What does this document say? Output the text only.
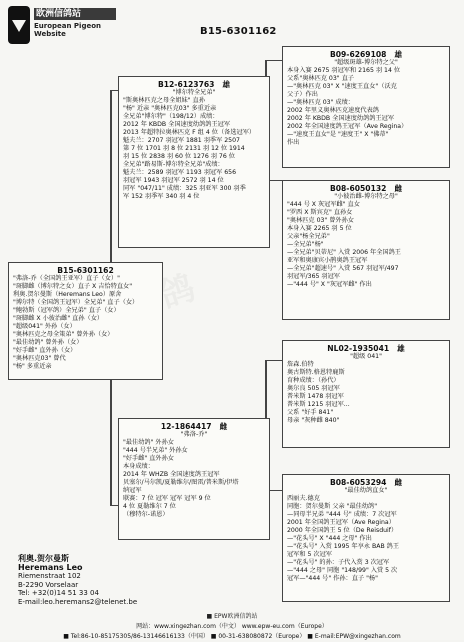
欧洲信鸽站
European Pigeon Website	B15-6301162
B12-6123763 雄
"博尔特全兄弟"
"斯奥林匹克之母全姐妹" 直孙
"杨" 近亲 "奥林匹克03" 多重近亲
全兄弟"博尔特"（198/12）成绩：
2012 年 KBDB 全国速度幼鸽鸽王冠军
2013 年超特拉奥林匹克 F 组 4 位（备选冠军）
魁夫兰：2707 羽冠军 1881 羽季军 2507
第 7 位 1701 羽 8 位 2131 羽 12 位 1914
羽 15 位 2838 羽 60 位 1276 羽 76 位
全兄弟"路易斯-博尔特全兄弟"成绩：
魁夫兰：2589 羽冠军 1193 羽冠军 656
羽冠军 1943 羽冠军 2572 羽 14 位
同军 "047/11" 成绩：325 羽亚军 300 羽季
军 152 羽季军 340 羽 4 位
B09-6269108 雄
"超级斑雄-博尔特之父"
本身入赛 2675 羽冠军和 2165 羽 14 位
父系"奥林匹克 03" 直子
—"奥林匹克 03" X "速度王直女"（沃克
父子）作出
—"奥林匹克 03" 成绩：
2002 年里义奥林匹克速度代表鸽
2002 年 KBDB 全国速度幼鸽鸽王冠军
2002 年全国速度鸽王冠军（Ave Regina）
—"速度王直女"是 "速度王" X "佛蒂"
作出
B08-6050132 雌
"小彼治雌-博尔特之母"
"444 号 X 灰冠军雌" 直女
"罗西 X 斯宾克" 直孙女
"奥林匹克 03" 曾外孙女
本身入赛 2265 羽 5 位
父亲"杨全兄弟"
—全兄弟"杨"
—全兄弟"贝蒂尼" 入赏 2006 年全国鸽王
亚军和奥康宾小鹃奥鸽王冠军
—全兄弟"超速号" 入赏 567 羽冠军/497
羽冠军/365 羽冠军
—"444 号" X "灰冠军雌" 作出
B15-6301162
"弗洛-乔（全国鸽王亚军）直子（女）"
"斑脚雌（博尔特之女）直子 X 吉恰特直女"
利奥.贺尔曼斯（Heremans Leo）原舍
"博尔特（全国鸽王冠军）全兄弟" 直子（女）
"鲍勃斯（冠军鸽）全兄弟" 直子（女）
"斑脚雌 X 小彼治雌" 直孙（女）
"超级041" 外孙（女）
"奥林匹克之母全策弟" 曾外孙（女）
"最佳幼鸽" 曾外孙（女）
"好手雌" 直外孙（女）
"奥林匹克03" 曾代
"杨" 多重近亲
NL02-1935041 雄
"超级 041"
詹森.伯特
奥古斯特.格恩特鹿斯
育种成绩：（孙代）
奥尔良 505 羽冠军
普米斯 1478 羽冠军
普米斯 1215 羽冠军...
父系 "好手 841"
母亲 "灰种雌 840"
12-1864417 雌
"弗洛-乔"
"最佳幼鸽" 外孙女
"444 号半兄弟" 外孙女
"好手雌" 直外孙女
本身成绩：
2014 年 WHZB 全国速度鸽王冠军
贝塞尔/马尔凯/夏勒维尔/图雷/普米斯/伊塔
纳冠军
联赛：7 位 冠军 冠军 冠军 9 位
4 位 夏勒维尔 7 位
（穆特尔-诺恩）
B08-6053294 雌
"最佳幼鸽直女"
西丽夫.德克
同胞：贺尔曼斯 父亲 "最佳幼鸽"
—同母半兄弟 "444 号" 成绩：7 次冠军
2001 年全国鸽王冠军（Ave Regina）
2000 年全国鸽王 5 位（De Reisduif）
—"花头号" X "444 之母" 作出
—"花头号" 入赏 1995 年享永 BAB 鸽王
冠军和 5 次冠军
—"花头号" 的孙：子代入赏 3 次冠军
—"444 之母" 同胞 "148/99" 入赏 5 次
冠军—"444 号" 作孙：直子 "杨"
利奥.贺尔曼斯
Heremans Leo
Riemenstraat 102
B-2290 Vorselaar
Tel: +32(0)14 51 33 04
E-mail:leo.heremans2@telenet.be
■ EPW欧洲信鸽站
网站：www.xingezhan.com（中文） www.epw-eu.com（Europe）
■ Tel:86-10-85175305/86-13146616133（中国） ■ 00-31-638080872（Europe） ■ E-mail:EPW@xingezhan.com
